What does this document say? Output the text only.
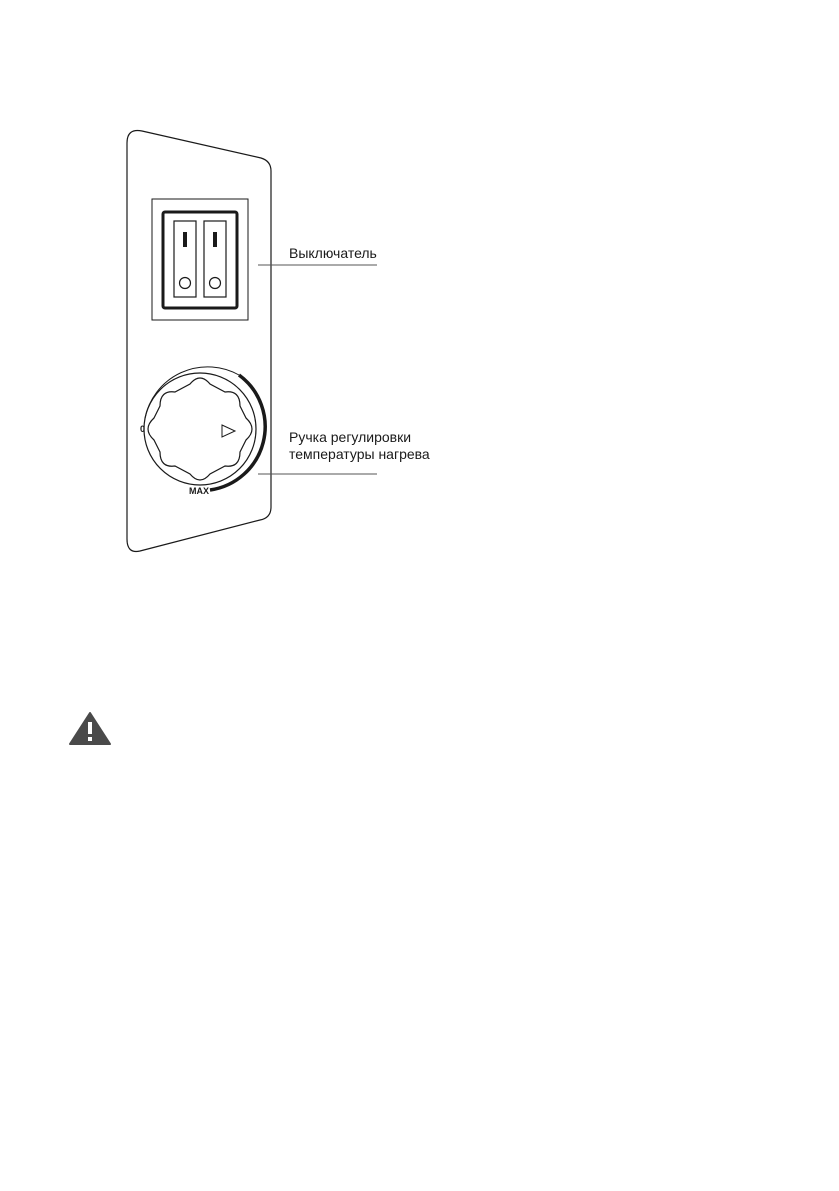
Выключатель
0
MAX
Ручка регулировки
температуры нагрева
